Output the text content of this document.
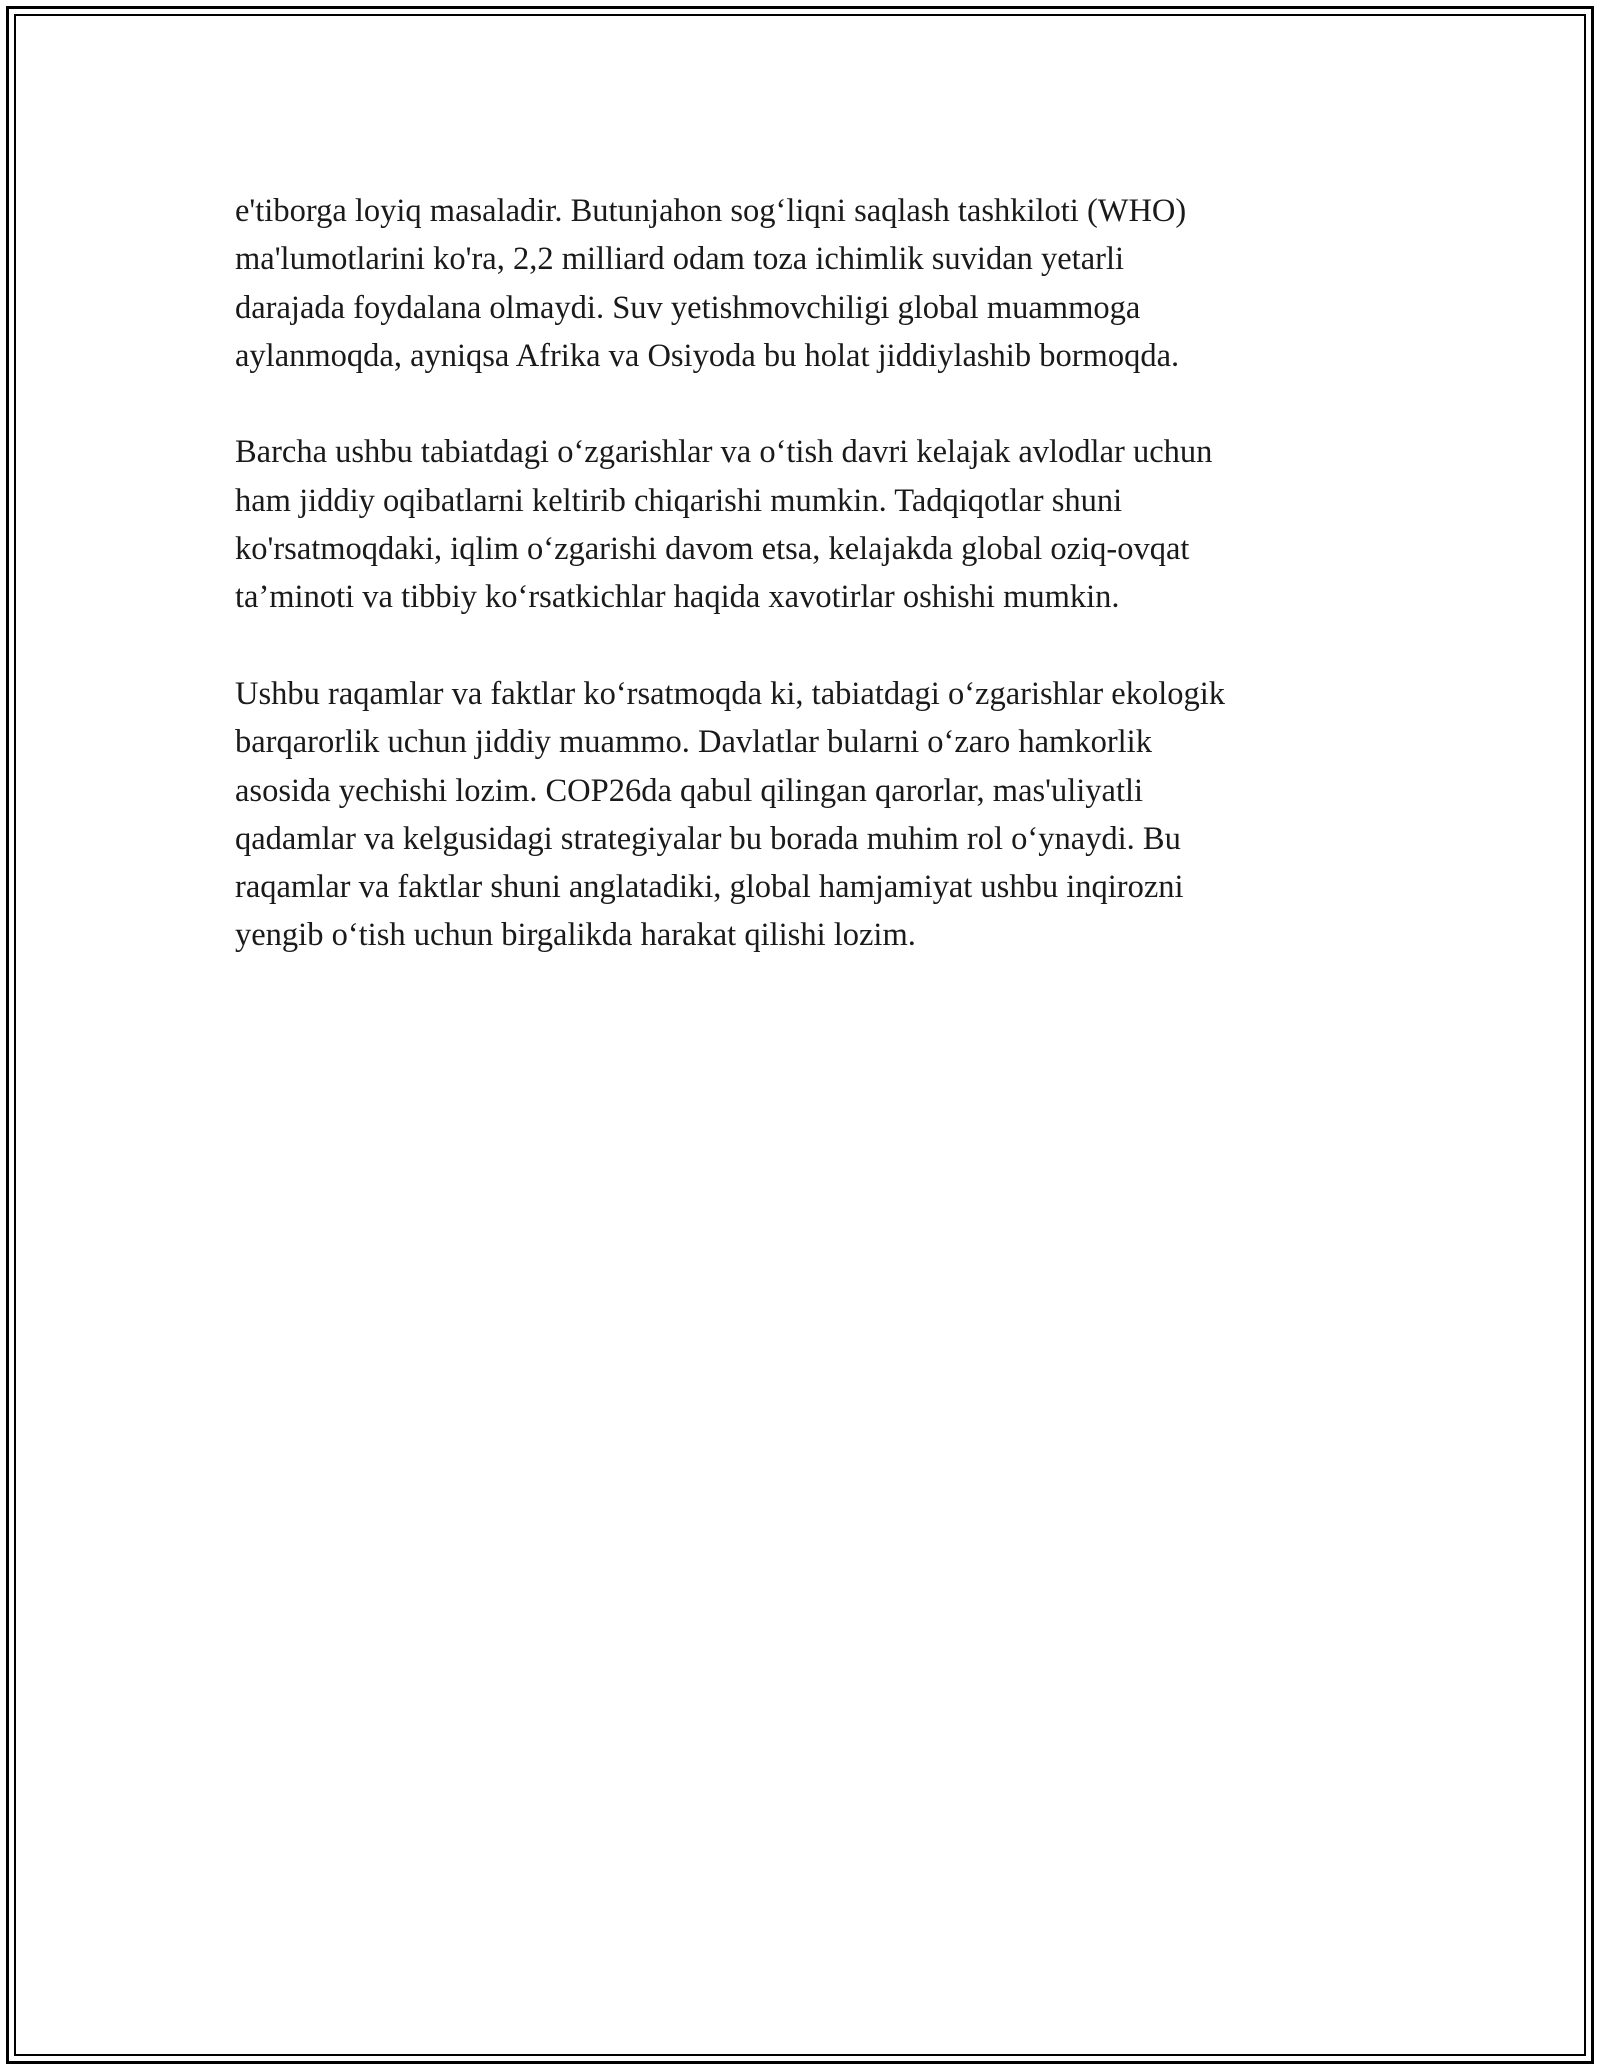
e'tiborga loyiq masaladir. Butunjahon sog‘liqni saqlash tashkiloti (WHO)
ma'lumotlarini ko'ra, 2,2 milliard odam toza ichimlik suvidan yetarli
darajada foydalana olmaydi. Suv yetishmovchiligi global muammoga
aylanmoqda, ayniqsa Afrika va Osiyoda bu holat jiddiylashib bormoqda.

Barcha ushbu tabiatdagi o‘zgarishlar va o‘tish davri kelajak avlodlar uchun
ham jiddiy oqibatlarni keltirib chiqarishi mumkin. Tadqiqotlar shuni
ko'rsatmoqdaki, iqlim o‘zgarishi davom etsa, kelajakda global oziq-ovqat
ta’minoti va tibbiy ko‘rsatkichlar haqida xavotirlar oshishi mumkin.

Ushbu raqamlar va faktlar ko‘rsatmoqda ki, tabiatdagi o‘zgarishlar ekologik
barqarorlik uchun jiddiy muammo. Davlatlar bularni o‘zaro hamkorlik
asosida yechishi lozim. COP26da qabul qilingan qarorlar, mas'uliyatli
qadamlar va kelgusidagi strategiyalar bu borada muhim rol o‘ynaydi. Bu
raqamlar va faktlar shuni anglatadiki, global hamjamiyat ushbu inqirozni
yengib o‘tish uchun birgalikda harakat qilishi lozim.
